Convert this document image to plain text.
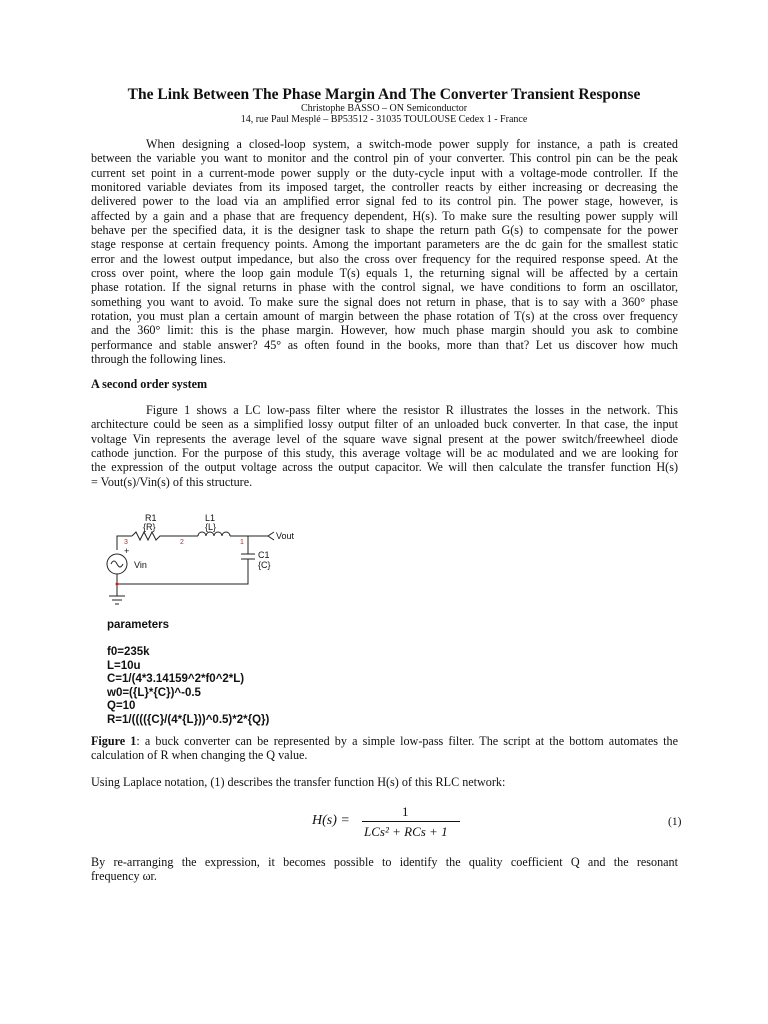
The Link Between The Phase Margin And The Converter Transient Response
Christophe BASSO – ON Semiconductor
14, rue Paul Mesplé – BP53512 - 31035 TOULOUSE Cedex 1 - France
When designing a closed-loop system, a switch-mode power supply for instance, a path is created
between the variable you want to monitor and the control pin of your converter. This control pin can be the peak
current set point in a current-mode power supply or the duty-cycle input with a voltage-mode controller. If the
monitored variable deviates from its imposed target, the controller reacts by either increasing or decreasing the
delivered power to the load via an amplified error signal fed to its control pin. The power stage, however, is
affected by a gain and a phase that are frequency dependent, H(s). To make sure the resulting power supply will
behave per the specified data, it is the designer task to shape the return path G(s) to compensate for the power
stage response at certain frequency points. Among the important parameters are the dc gain for the smallest static
error and the lowest output impedance, but also the cross over frequency for the required response speed. At the
cross over point, where the loop gain module T(s) equals 1, the returning signal will be affected by a certain
phase rotation. If the signal returns in phase with the control signal, we have conditions to form an oscillator,
something you want to avoid. To make sure the signal does not return in phase, that is to say with a 360° phase
rotation, you must plan a certain amount of margin between the phase rotation of T(s) at the cross over frequency
and the 360° limit: this is the phase margin. However, how much phase margin should you ask to combine
performance and stable answer? 45° as often found in the books, more than that? Let us discover how much
through the following lines.
A second order system
Figure 1 shows a LC low-pass filter where the resistor R illustrates the losses in the network. This
architecture could be seen as a simplified lossy output filter of an unloaded buck converter. In that case, the input
voltage Vin represents the average level of the square wave signal present at the power switch/freewheel diode
cathode junction. For the purpose of this study, this average voltage will be ac modulated and we are looking for
the expression of the output voltage across the output capacitor. We will then calculate the transfer function H(s)
= Vout(s)/Vin(s) of this structure.
R1
{R}
L1
{L}
Vout
C1
{C}
+
Vin
3	2	1
parameters
f0=235k
L=10u
C=1/(4*3.14159^2*f0^2*L)
w0=({L}*{C})^-0.5
Q=10
R=1/(((({C}/(4*{L}))^0.5)*2*{Q})
Figure 1: a buck converter can be represented by a simple low-pass filter. The script at the bottom automates the
calculation of R when changing the Q value.
Using Laplace notation, (1) describes the transfer function H(s) of this RLC network:
H(s) =
1
LCs² + RCs + 1
(1)
By re-arranging the expression, it becomes possible to identify the quality coefficient Q and the resonant
frequency ωr.
